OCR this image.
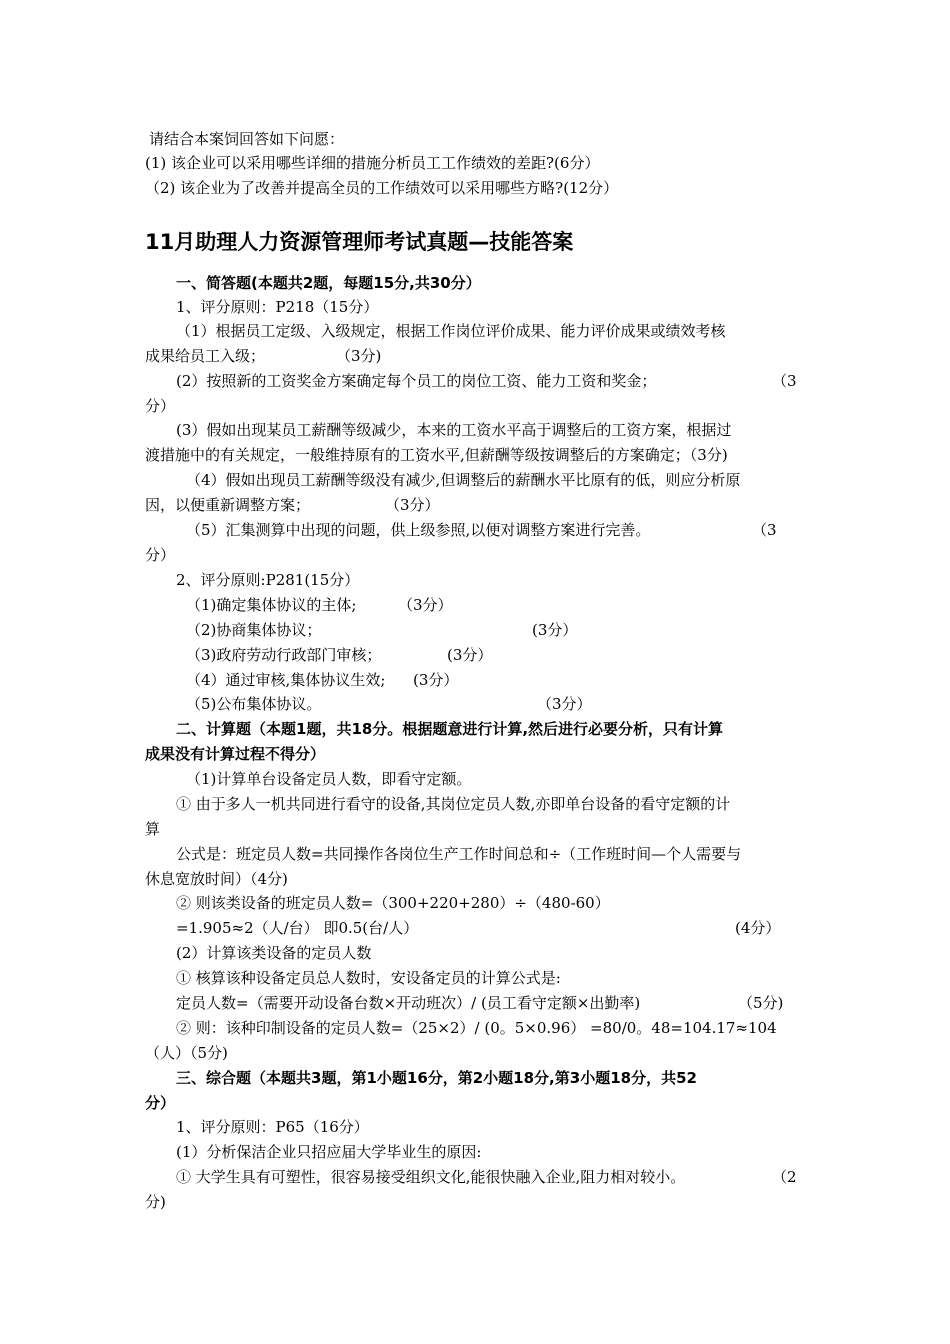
请结合本案饲回答如下问愿：
(1) 该企业可以采用哪些详细的措施分析员工工作绩效的差距?(6分）
（2) 该企业为了改善并提高全员的工作绩效可以采用哪些方略?(12分）
11月助理人力资源管理师考试真题—技能答案
一、简答题(本题共2题，每题15分,共30分）
1、评分原则：P218（15分）
（1）根据员工定级、入级规定，根据工作岗位评价成果、能力评价成果或绩效考核
成果给员工入级；	（3分)
(2）按照新的工资奖金方案确定每个员工的岗位工资、能力工资和奖金；	（3
分）
(3）假如出现某员工薪酬等级减少，本来的工资水平高于调整后的工资方案，根据过
渡措施中的有关规定，一般维持原有的工资水平,但薪酬等级按调整后的方案确定；（3分)
（4）假如出现员工薪酬等级没有减少,但调整后的薪酬水平比原有的低，则应分析原
因，以便重新调整方案；	（3分）
（5）汇集测算中出现的问题，供上级参照,以便对调整方案进行完善。	（3
分）
2、评分原则:P281(15分）
（1)确定集体协议的主体;	（3分）
（2)协商集体协议；	(3分）
（3)政府劳动行政部门审核；	(3分）
（4）通过审核,集体协议生效;	(3分）
（5)公布集体协议。	（3分）
二、计算题（本题1题，共18分。根据题意进行计算,然后进行必要分析，只有计算
成果没有计算过程不得分）
（1)计算单台设备定员人数，即看守定额。
① 由于多人一机共同进行看守的设备,其岗位定员人数,亦即单台设备的看守定额的计
算
公式是：班定员人数=共同操作各岗位生产工作时间总和÷（工作班时间—个人需要与
休息宽放时间）（4分)
② 则该类设备的班定员人数=（300+220+280）÷（480-60）
=1.905≈2（人/台） 即0.5(台/人）	(4分）
(2）计算该类设备的定员人数
① 核算该种设备定员总人数时，安设备定员的计算公式是:
定员人数=（需要开动设备台数×开动班次）/ (员工看守定额×出勤率)	（5分)
② 则：该种印制设备的定员人数=（25×2）/ (0。5×0.96） =80/0。48=104.17≈104
（人）（5分)
三、综合题（本题共3题，第1小题16分，第2小题18分,第3小题18分，共52
分）
1、评分原则：P65（16分）
(1）分析保洁企业只招应届大学毕业生的原因:
① 大学生具有可塑性，很容易接受组织文化,能很快融入企业,阻力相对较小。	（2
分)
